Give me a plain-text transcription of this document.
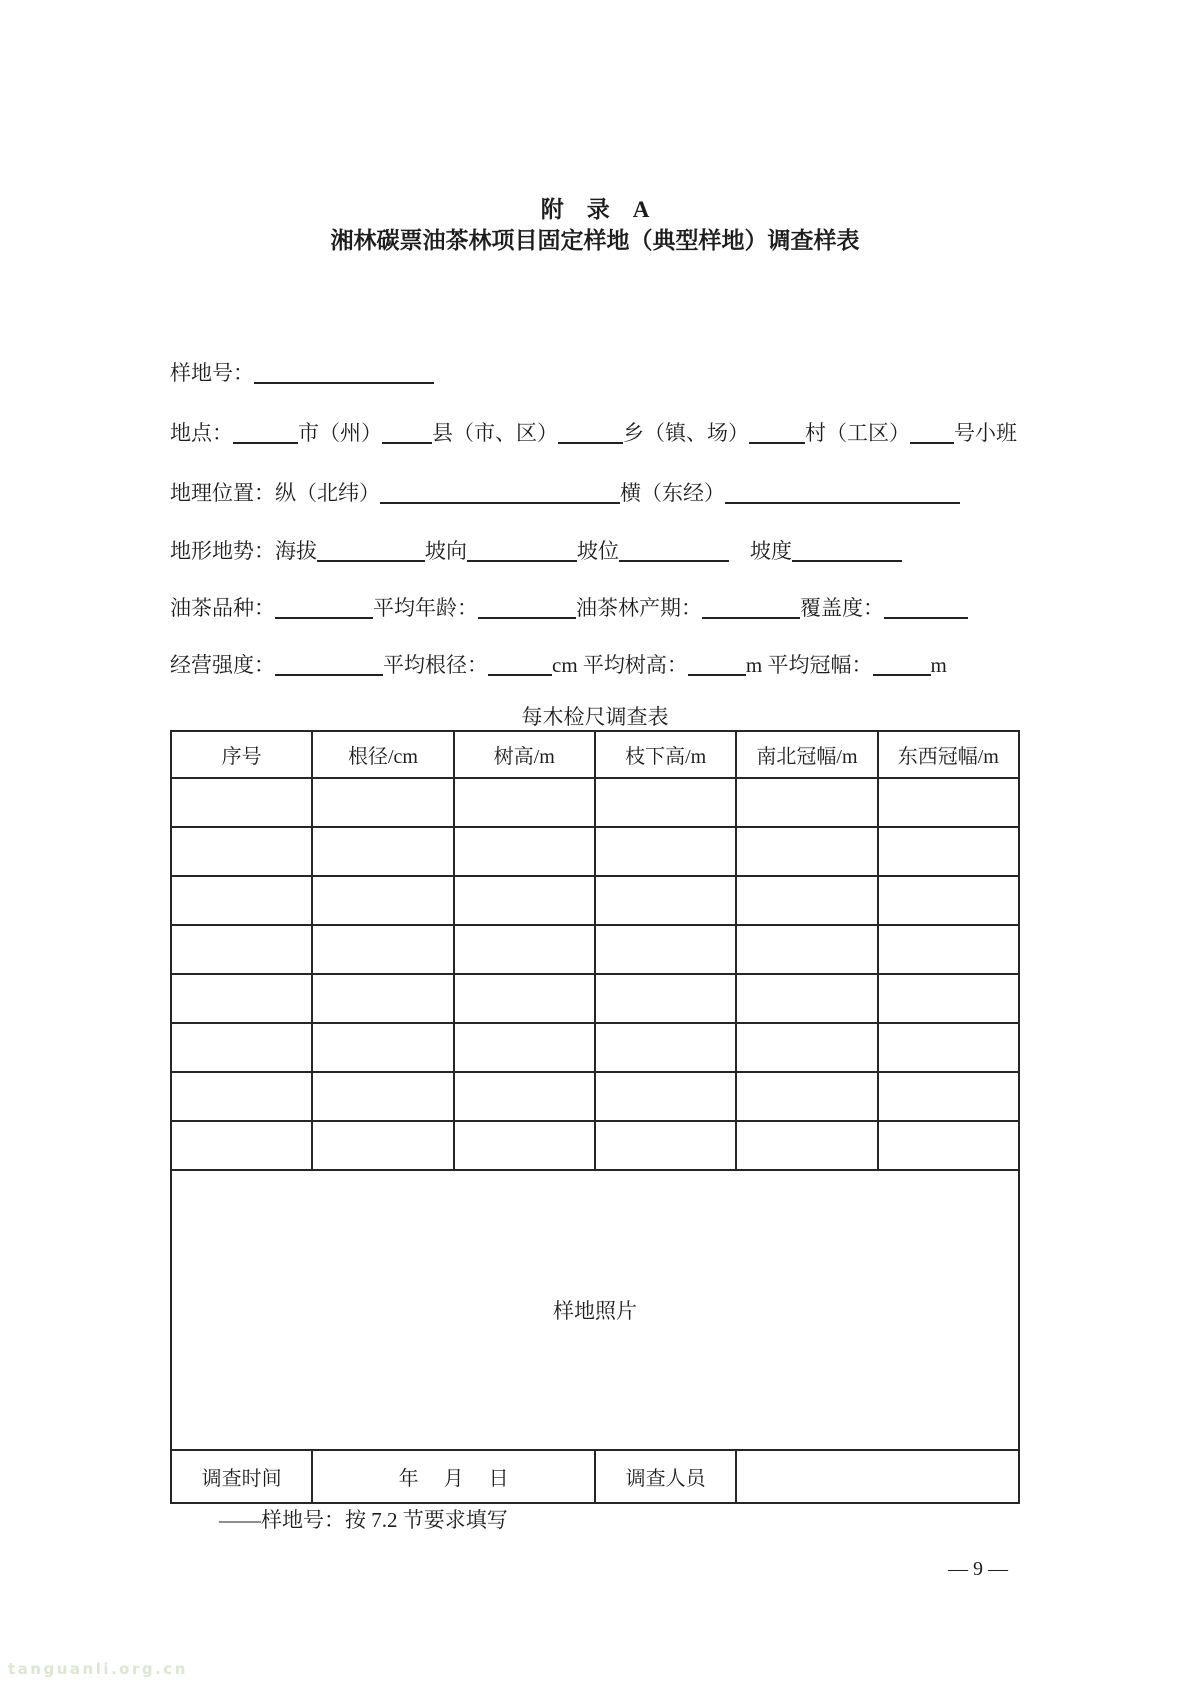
附　录　A
湘林碳票油茶林项目固定样地（典型样地）调查样表
样地号：
地点：	市（州） 县（市、区）	乡（镇、场）	村（工区） 号小班
地理位置：纵（北纬）	横（东经）
地形地势：海拔	坡向	坡位	　坡度
油茶品种：	平均年龄：	油茶林产期：	覆盖度：
经营强度：	平均根径：	cm 平均树高：	m 平均冠幅：	m
每木检尺调查表
序号	根径/cm	树高/m	枝下高/m	南北冠幅/m	东西冠幅/m

样地照片					
调查时间	年　 月　 日		调查人员		
——样地号：按 7.2 节要求填写
— 9 —
tanguanli.org.cn
